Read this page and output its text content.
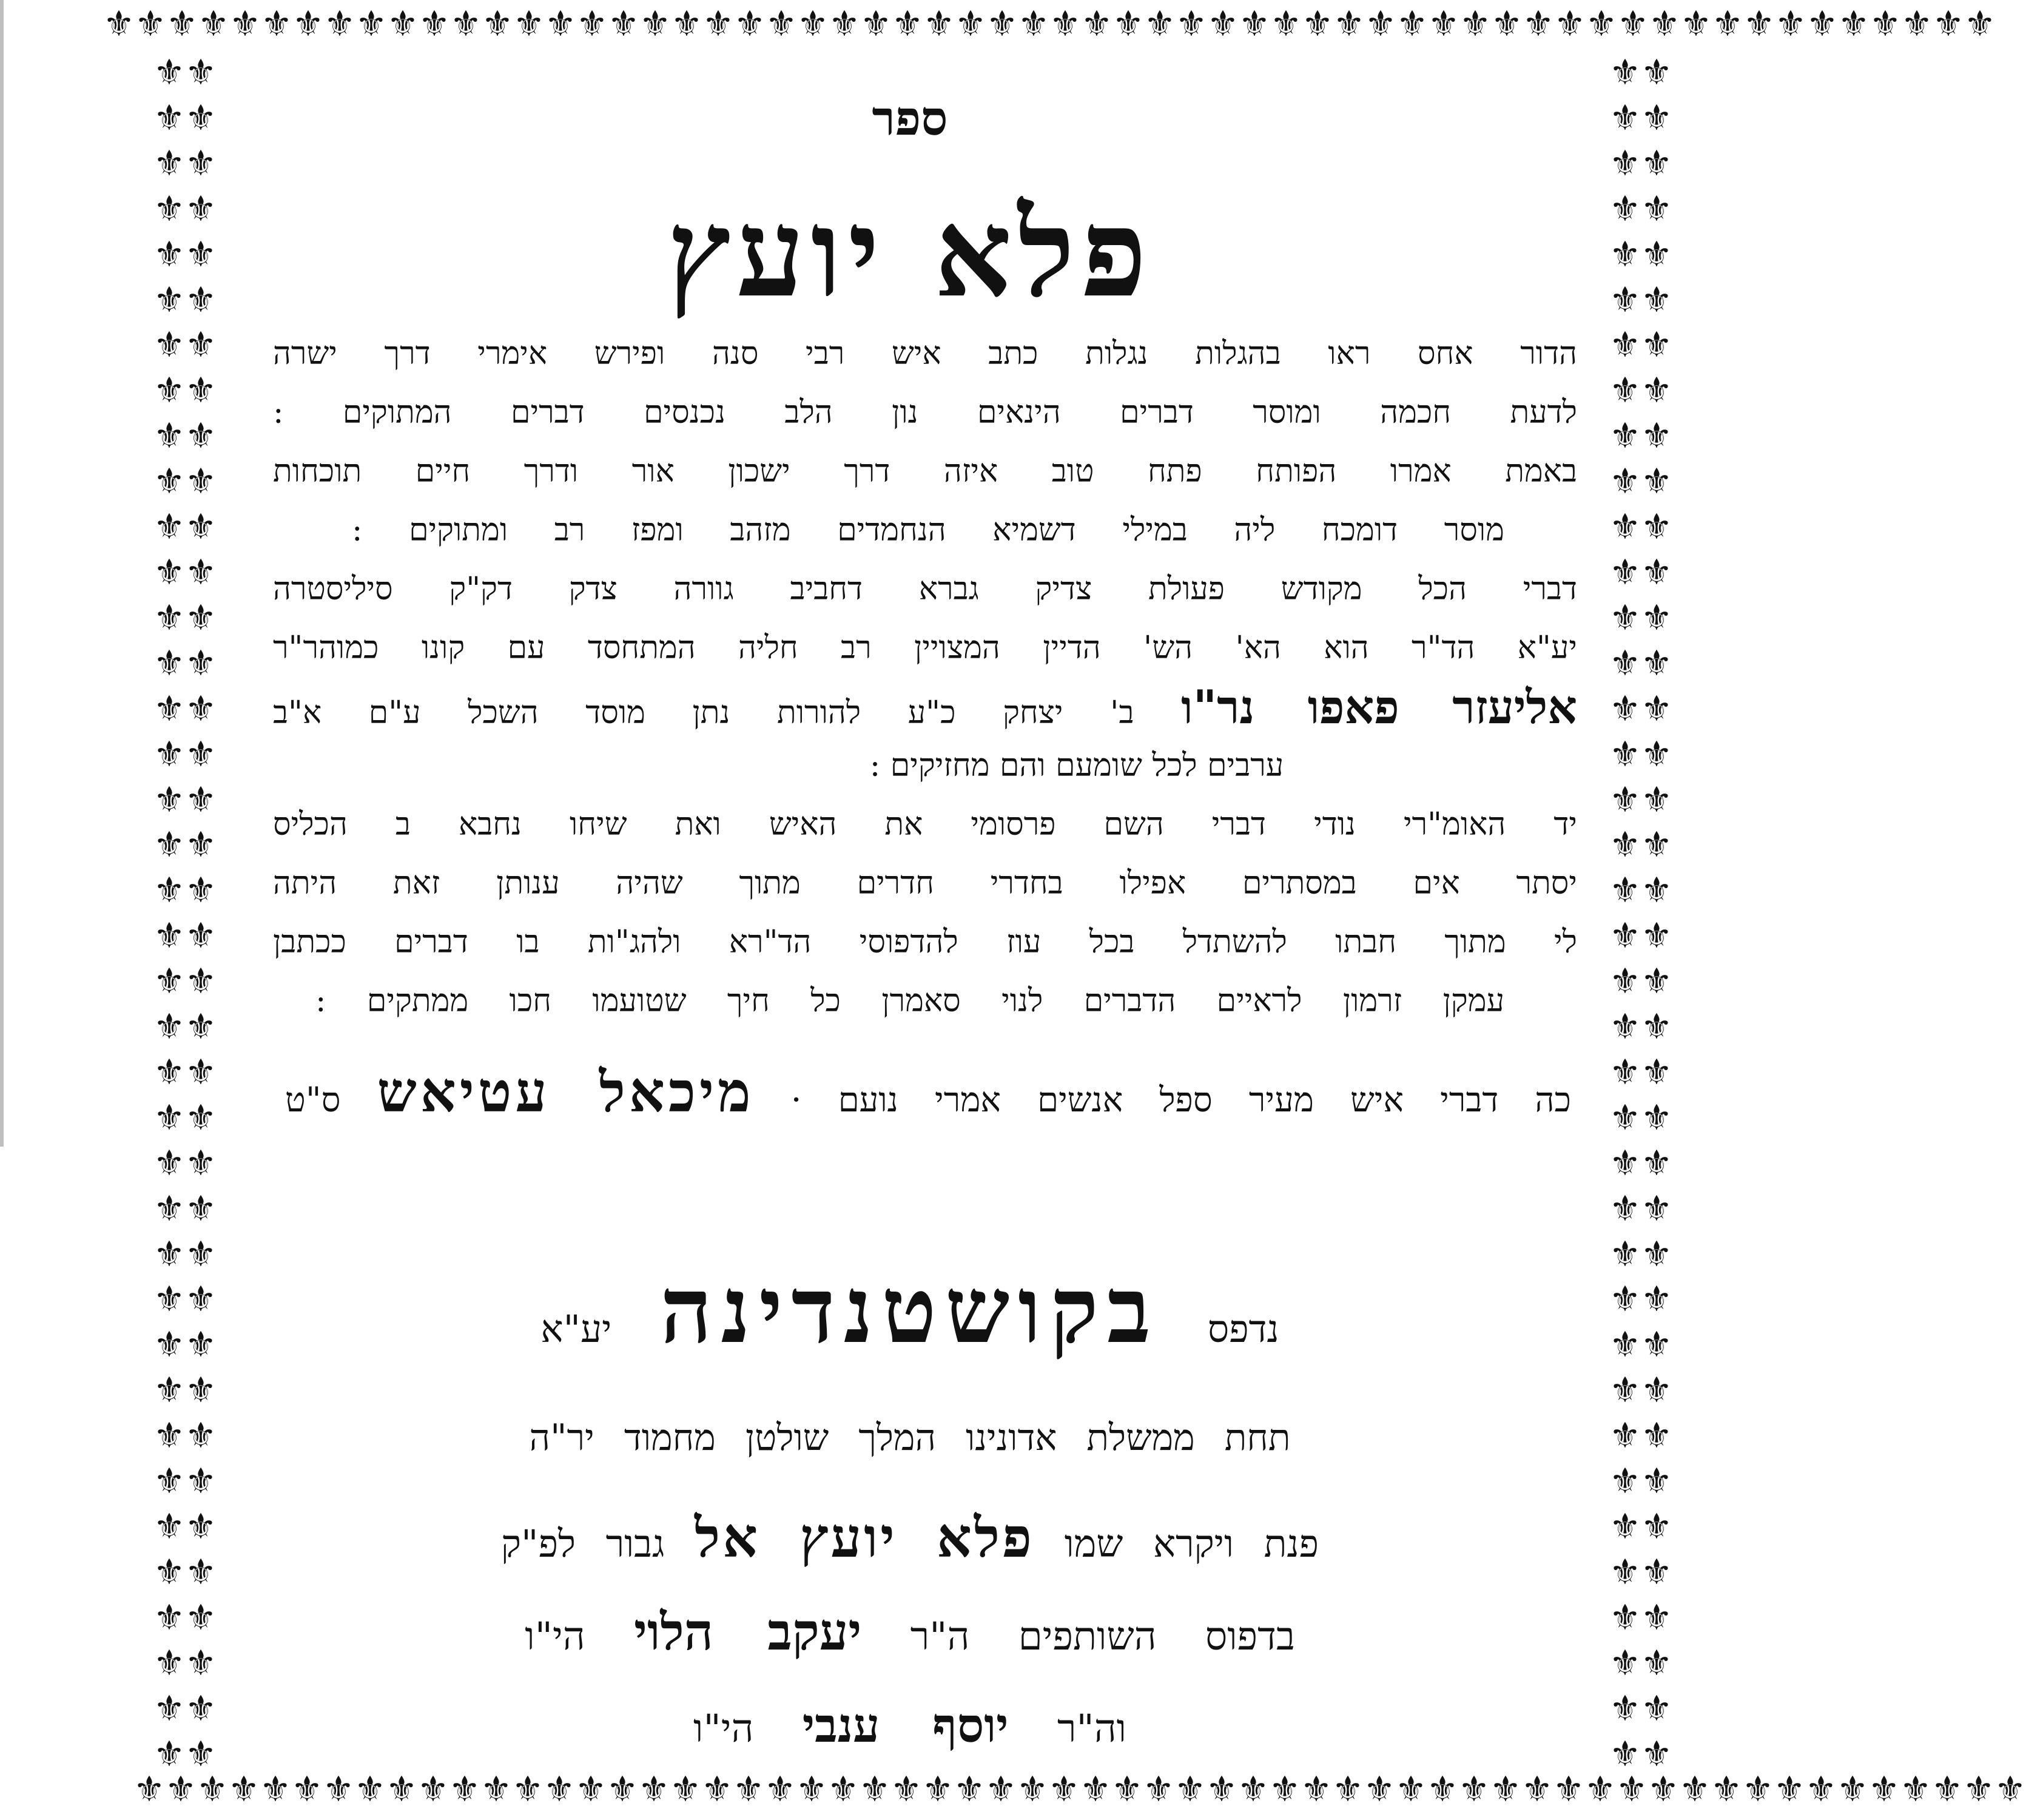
⚜⚜ ⚜⚜ ⚜⚜ ⚜⚜ ⚜⚜ ⚜⚜ ⚜⚜ ⚜⚜ ⚜⚜ ⚜⚜ ⚜⚜ ⚜⚜ ⚜⚜ ⚜⚜ ⚜⚜ ⚜⚜ ⚜⚜ ⚜⚜ ⚜⚜ ⚜⚜ ⚜⚜ ⚜⚜ ⚜⚜ ⚜⚜ ⚜⚜ ⚜⚜ ⚜⚜ ⚜⚜ ⚜⚜ ⚜⚜
⚜⚜ ⚜⚜ ⚜⚜ ⚜⚜ ⚜⚜ ⚜⚜ ⚜⚜ ⚜⚜ ⚜⚜ ⚜⚜ ⚜⚜ ⚜⚜ ⚜⚜ ⚜⚜ ⚜⚜ ⚜⚜ ⚜⚜ ⚜⚜ ⚜⚜ ⚜⚜ ⚜⚜ ⚜⚜ ⚜⚜ ⚜⚜ ⚜⚜ ⚜⚜ ⚜⚜ ⚜⚜ ⚜⚜ ⚜⚜
⚜⚜
⚜⚜
⚜⚜
⚜⚜
⚜⚜
⚜⚜
⚜⚜
⚜⚜
⚜⚜
⚜⚜
⚜⚜
⚜⚜
⚜⚜
⚜⚜
⚜⚜
⚜⚜
⚜⚜
⚜⚜
⚜⚜
⚜⚜
⚜⚜
⚜⚜
⚜⚜
⚜⚜
⚜⚜
⚜⚜
⚜⚜
⚜⚜
⚜⚜
⚜⚜
⚜⚜
⚜⚜
⚜⚜
⚜⚜
⚜⚜
⚜⚜
⚜⚜
⚜⚜
⚜⚜
⚜⚜
⚜⚜
⚜⚜
⚜⚜
⚜⚜
⚜⚜
⚜⚜
⚜⚜
⚜⚜
⚜⚜
⚜⚜
⚜⚜
⚜⚜
⚜⚜
⚜⚜
⚜⚜
⚜⚜
⚜⚜
⚜⚜
⚜⚜
⚜⚜
⚜⚜
⚜⚜
⚜⚜
⚜⚜
⚜⚜
⚜⚜
⚜⚜
⚜⚜
⚜⚜
⚜⚜
⚜⚜
⚜⚜
⚜⚜
⚜⚜
⚜⚜
⚜⚜
ספר
פלא יועץ
הדור אחס ראו בהגלות נגלות כתב איש רבי סנה ופירש אימרי דרך ישרה
לדעת חכמה ומוסר דברים הינאים נון הלב נכנסים דברים המתוקים :
באמת אמרו הפותח פתח טוב איזה דרך ישכון אור ודרך חיים תוכחות
מוסר דומכח ליה במילי דשמיא הנחמדים מזהב ומפז רב ומתוקים :
דברי הכל מקודש פעולת צדיק גברא דחביב גוורה צדק דק"ק סיליסטרה
יע"א הד"ר הוא הא' הש' הדיין המצויין רב חליה המתחסד עם קונו כמוהר"ר
אליעזר פאפו נר"ו ב' יצחק כ"ע להורות נתן מוסד השכל ע"ם א"ב
ערבים לכל שומעם והם מחזיקים :
יד האומ"רי נודי דברי השם פרסומי את האיש ואת שיחו נחבא ב הכליס
יסתר אים במסתרים אפילו בחדרי חדרים מתוך שהיה ענותן זאת היתה
לי מתוך חבתו להשתדל בכל עוז להדפוסי הד"רא ולהג"ות בו דברים ככתבן
עמקן זרמון לראיים הדברים לנוי סאמרן כל חיך שטועמו חכו ממתקים :
כה דברי איש מעיר ספל אנשים אמרי נועם · מיכאל עטיאש ס"ט
נדפס בקושטנדינה יע"א
תחת ממשלת אדונינו המלך שולטן מחמוד יר"ה
פנת ויקרא שמו פלא יועץ אל גבור לפ"ק
בדפוס השותפים ה"ר יעקב הלוי הי"ו
וה"ר יוסף ענבי הי"ו
